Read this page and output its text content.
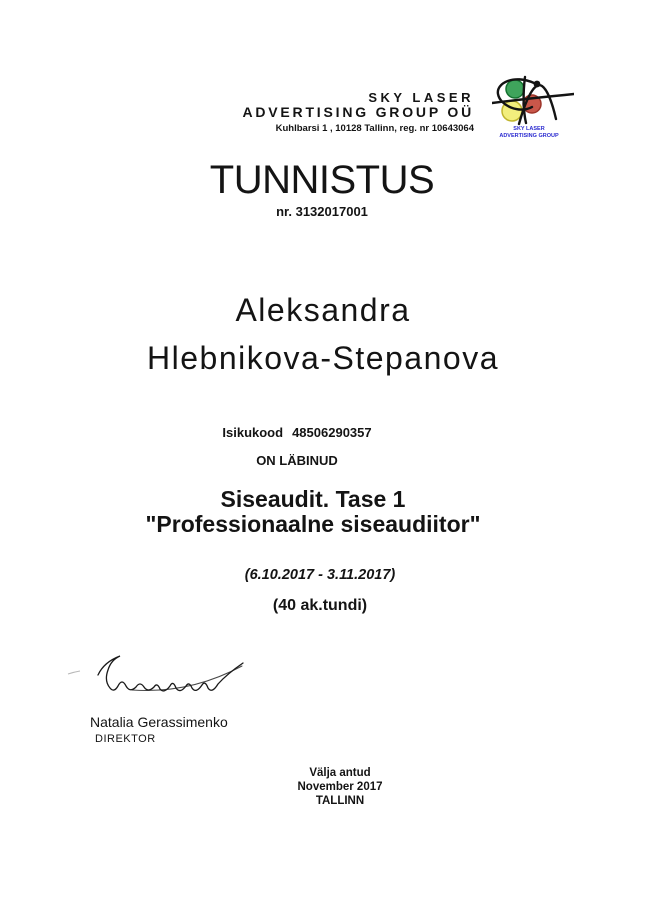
SKY LASER
ADVERTISING GROUP OÜ
Kuhlbarsi 1 , 10128 Tallinn, reg. nr 10643064	SKY LASER
ADVERTISING GROUP
TUNNISTUS
nr. 3132017001
Aleksandra
Hlebnikova-Stepanova
Isikukood 48506290357
ON LÄBINUD
Siseaudit. Tase 1
"Professionaalne siseaudiitor"
(6.10.2017 - 3.11.2017)
(40 ak.tundi)
Natalia Gerassimenko
DIREKTOR
Välja antud
November 2017
TALLINN
